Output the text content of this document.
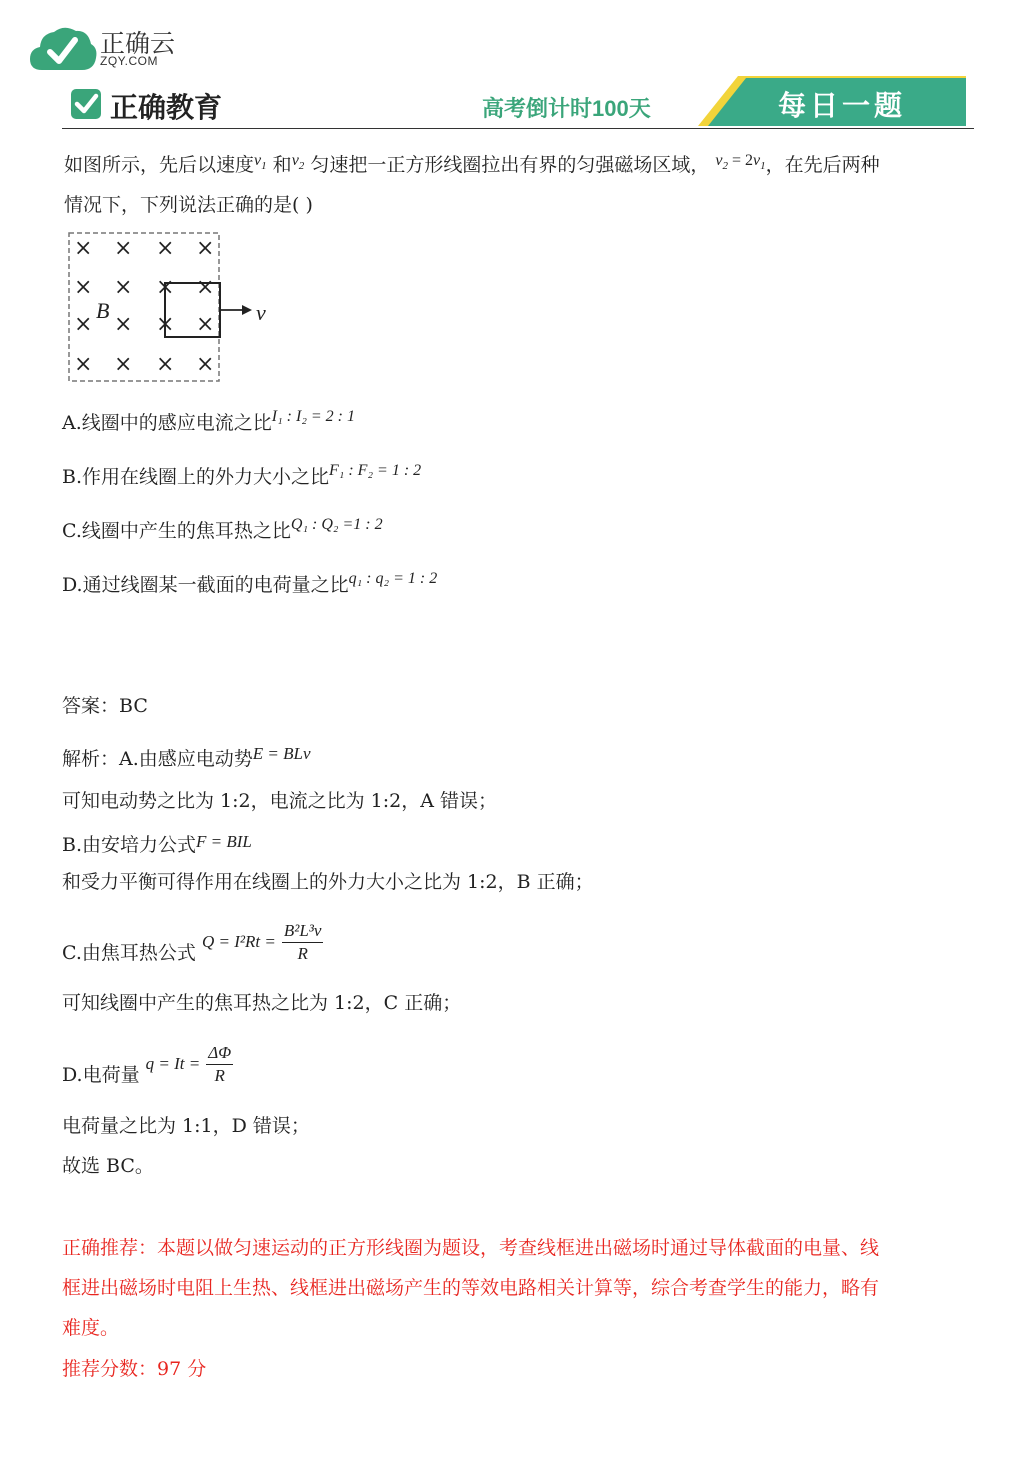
正确云
ZQY.COM
正确教育	高考倒计时100天	每日一题
如图所示，先后以速度$^{v_1}$ 和$^{v_2}$ 匀速把一正方形线圈拉出有界的匀强磁场区域， $^{v_2 = 2v_1}$，在先后两种
情况下，下列说法正确的是( )
× × × ×
× × × ×
× × × ×
× × × ×
B	v
A.线圈中的感应电流之比$^{I_1 : I_2 = 2 : 1}$
B.作用在线圈上的外力大小之比$^{F_1 : F_2 = 1 : 2}$
C.线圈中产生的焦耳热之比$^{Q_1 : Q_2 =1 : 2}$
D.通过线圈某一截面的电荷量之比$^{q_1 : q_2 = 1 : 2}$
答案：BC
解析：A.由感应电动势E = BLv
可知电动势之比为 1:2，电流之比为 1:2，A 错误；
B.由安培力公式F = BIL
和受力平衡可得作用在线圈上的外力大小之比为 1:2，B 正确；
C.由焦耳热公式 $Q = I^2Rt = \frac{\text{B²L³v}}{R}$
可知线圈中产生的焦耳热之比为 1:2，C 正确；
D.电荷量 $q = It = \frac{\Delta\Phi}{R}$
电荷量之比为 1:1，D 错误；
故选 BC。
正确推荐：本题以做匀速运动的正方形线圈为题设，考查线框进出磁场时通过导体截面的电量、线
框进出磁场时电阻上生热、线框进出磁场产生的等效电路相关计算等，综合考查学生的能力，略有
难度。
推荐分数：97 分
